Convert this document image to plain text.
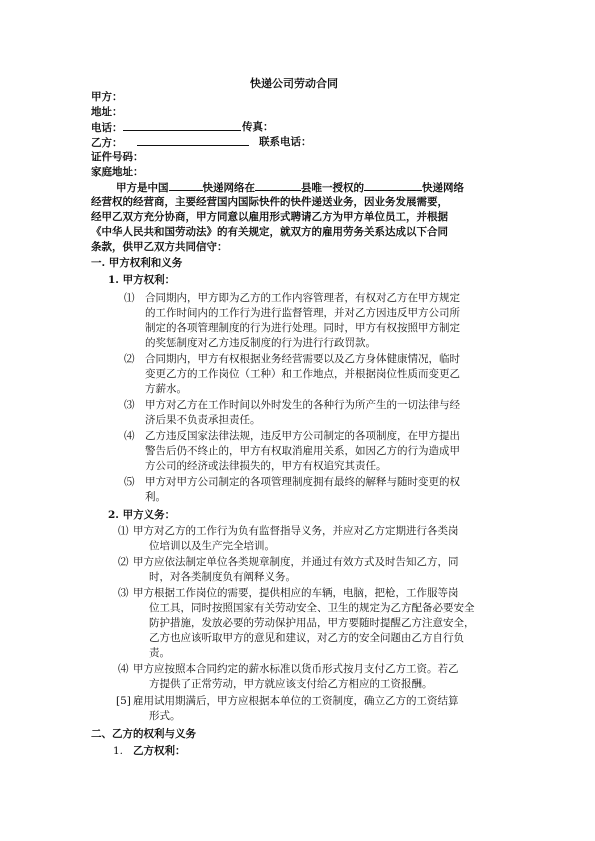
快递公司劳动合同
甲方：
地址：
电话：	传真：
乙方：	联系电话：
证件号码：
家庭地址：
甲方是中国	快递网络在	县唯一授权的	快递网络
经营权的经营商，主要经营国内国际快件的快件递送业务，因业务发展需要，
经甲乙双方充分协商，甲方同意以雇用形式聘请乙方为甲方单位员工，并根据
《中华人民共和国劳动法》的有关规定，就双方的雇用劳务关系达成以下合同
条款，供甲乙双方共同信守：
一. 甲方权利和义务
1. 甲方权利：
⑴ 合同期内，甲方即为乙方的工作内容管理者，有权对乙方在甲方规定
的工作时间内的工作行为进行监督管理，并对乙方因违反甲方公司所
制定的各项管理制度的行为进行处理。同时，甲方有权按照甲方制定
的奖惩制度对乙方违反制度的行为进行行政罚款。
⑵ 合同期内，甲方有权根据业务经营需要以及乙方身体健康情况，临时
变更乙方的工作岗位（工种）和工作地点，并根据岗位性质而变更乙
方薪水。
⑶ 甲方对乙方在工作时间以外时发生的各种行为所产生的一切法律与经
济后果不负责承担责任。
⑷ 乙方违反国家法律法规，违反甲方公司制定的各项制度，在甲方提出
警告后仍不终止的，甲方有权取消雇用关系，如因乙方的行为造成甲
方公司的经济或法律损失的，甲方有权追究其责任。
⑸ 甲方对甲方公司制定的各项管理制度拥有最终的解释与随时变更的权
利。
2. 甲方义务：
⑴ 甲方对乙方的工作行为负有监督指导义务，并应对乙方定期进行各类岗
位培训以及生产完全培训。
⑵ 甲方应依法制定单位各类规章制度，并通过有效方式及时告知乙方，同
时，对各类制度负有阐释义务。
⑶ 甲方根据工作岗位的需要，提供相应的车辆，电脑，把枪，工作服等岗
位工具，同时按照国家有关劳动安全、卫生的规定为乙方配备必要安全
防护措施，发放必要的劳动保护用品，甲方要随时提醒乙方注意安全，
乙方也应该听取甲方的意见和建议，对乙方的安全问题由乙方自行负
责。
⑷ 甲方应按照本合同约定的薪水标准以货币形式按月支付乙方工资。若乙
方提供了正常劳动，甲方就应该支付给乙方相应的工资报酬。
[5] 雇用试用期满后，甲方应根据本单位的工资制度，确立乙方的工资结算
形式。
二、乙方的权利与义务
1. 乙方权利：
